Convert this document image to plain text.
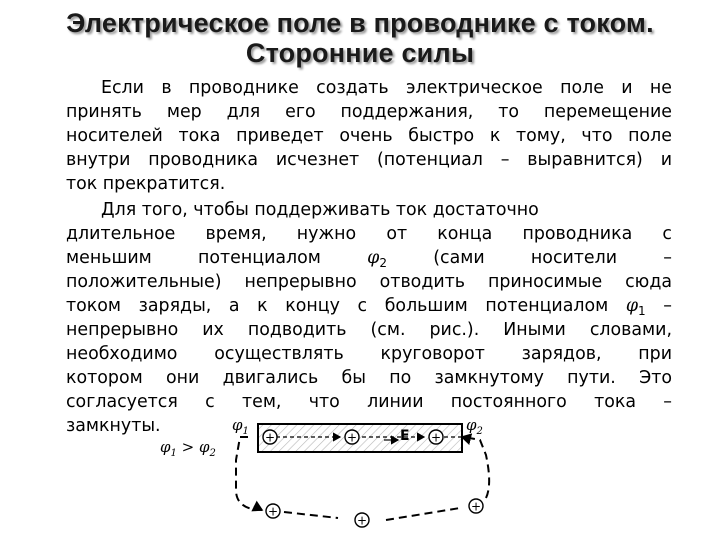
Электрическое поле в проводнике с током.
Сторонние силы
Если в проводнике создать электрическое поле и не
принять мер для его поддержания, то перемещение
носителей тока приведет очень быстро к тому, что поле
внутри проводника исчезнет (потенциал – выравнится) и
ток прекратится.
Для того, чтобы поддерживать ток достаточно
длительное время, нужно от конца проводника с
меньшим потенциалом $\varphi_2$ (сами носители –
положительные) непрерывно отводить приносимые сюда
током заряды, а к концу с большим потенциалом $\varphi_1$ –
непрерывно их подводить (см. рис.). Иными словами,
необходимо осуществлять круговорот зарядов, при
котором они двигались бы по замкнутому пути. Это
согласуется с тем, что линии постоянного тока –
замкнуты.
+	+	+
+
+
+
$\varphi_1$	$\varphi_2$
E
$\varphi_1 > \varphi_2$
